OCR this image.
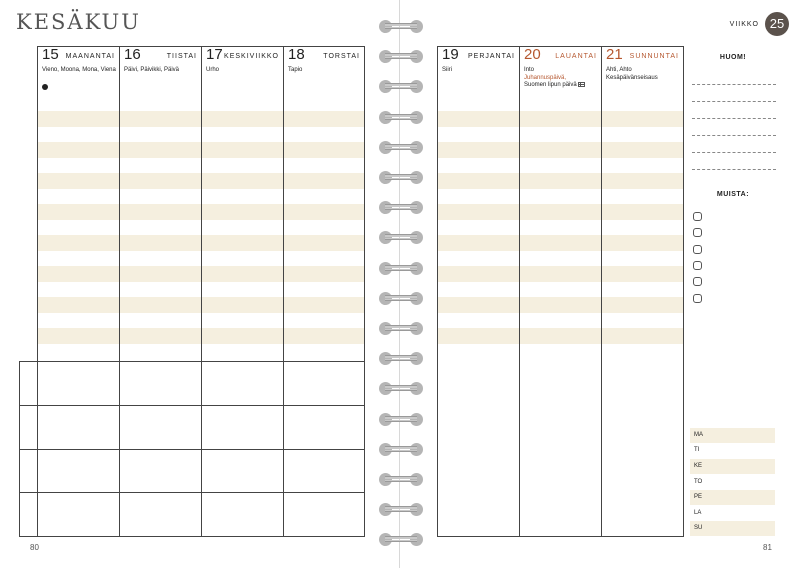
KESÄKUU
80	81
15 MAANANTAI
Vieno, Moona, Mona, Viena
16	TIISTAI
Päivi, Päivikki, Päivä
17 KESKIVIIKKO
Urho
18	TORSTAI
Tapio
19 PERJANTAI
Siiri
20 LAUANTAI
Into
Juhannuspäivä,
Suomen lipun päivä
21 SUNNUNTAI
Ahti, Ahto
Kesäpäivänseisaus
VIIKKO 25
HUOM!
MUISTA:
MA
TI
KE
TO
PE
LA
SU
